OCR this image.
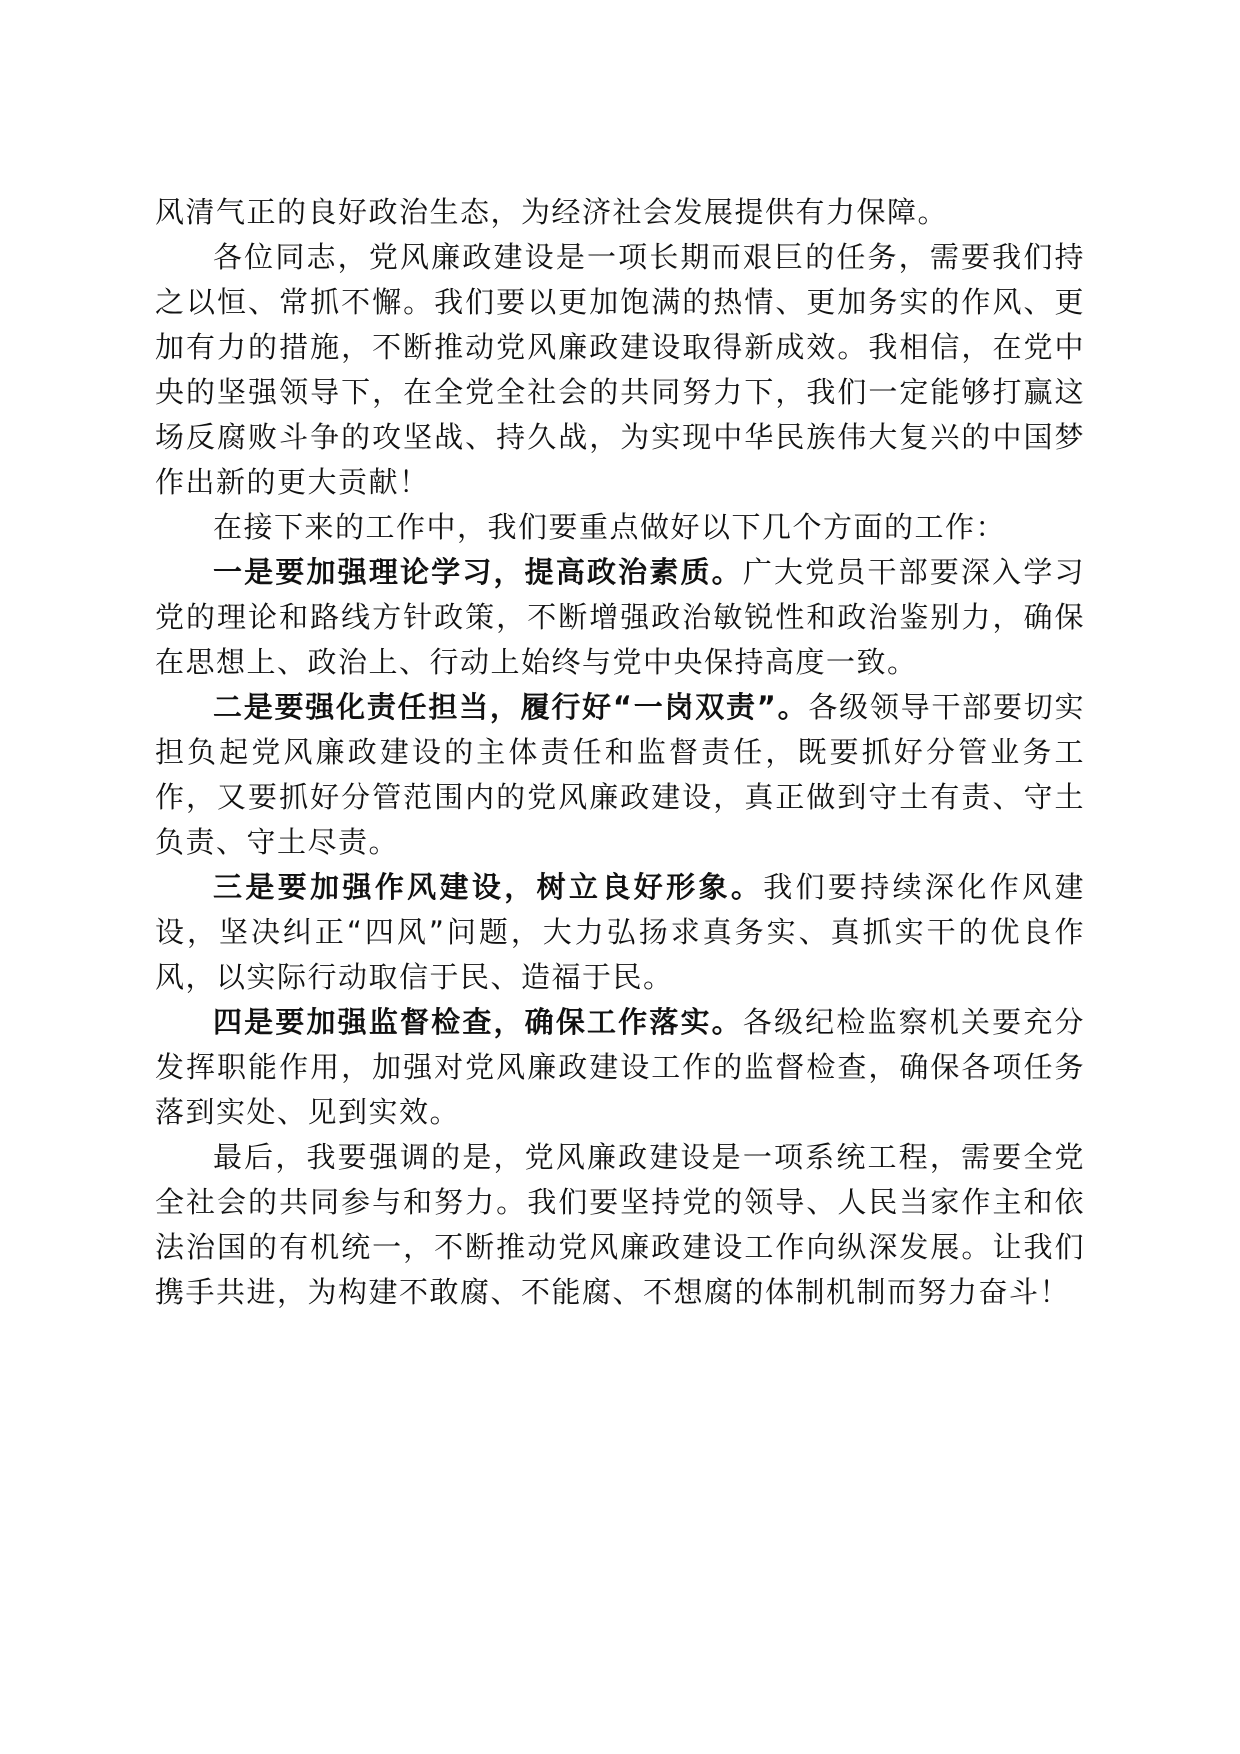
风清气正的良好政治生态，为经济社会发展提供有力保障。

各位同志，党风廉政建设是一项长期而艰巨的任务，需要我们持之以恒、常抓不懈。我们要以更加饱满的热情、更加务实的作风、更加有力的措施，不断推动党风廉政建设取得新成效。我相信，在党中央的坚强领导下，在全党全社会的共同努力下，我们一定能够打赢这场反腐败斗争的攻坚战、持久战，为实现中华民族伟大复兴的中国梦作出新的更大贡献！

在接下来的工作中，我们要重点做好以下几个方面的工作：

一是要加强理论学习，提高政治素质。广大党员干部要深入学习党的理论和路线方针政策，不断增强政治敏锐性和政治鉴别力，确保在思想上、政治上、行动上始终与党中央保持高度一致。

二是要强化责任担当，履行好“一岗双责”。各级领导干部要切实担负起党风廉政建设的主体责任和监督责任，既要抓好分管业务工作，又要抓好分管范围内的党风廉政建设，真正做到守土有责、守土负责、守土尽责。

三是要加强作风建设，树立良好形象。我们要持续深化作风建设，坚决纠正“四风”问题，大力弘扬求真务实、真抓实干的优良作风，以实际行动取信于民、造福于民。

四是要加强监督检查，确保工作落实。各级纪检监察机关要充分发挥职能作用，加强对党风廉政建设工作的监督检查，确保各项任务落到实处、见到实效。

最后，我要强调的是，党风廉政建设是一项系统工程，需要全党全社会的共同参与和努力。我们要坚持党的领导、人民当家作主和依法治国的有机统一，不断推动党风廉政建设工作向纵深发展。让我们携手共进，为构建不敢腐、不能腐、不想腐的体制机制而努力奋斗！
